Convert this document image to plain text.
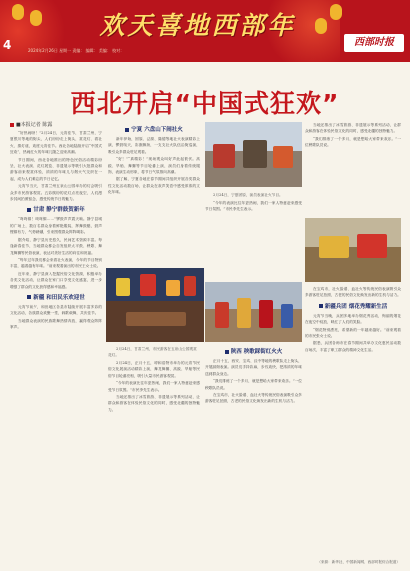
4
欢天喜地西部年
2024年2月26日 星期一 责编： 编辑： 美编： 校对：
西部时报
西北开启“中国式狂欢”
■本报记者 陈露

“好热闹呀！”2月24日，元宵佳节，甘肃兰州，宁夏银川等地的街头，人们纷纷走上街头，赏花灯、看社火、猜灯谜，欢度元宵佳节。西北各地陆续开启“中国式狂欢”，热闹红火的年味儿随之迎来高潮。

节日期间，西北各地推出的特色民俗活动精彩纷呈，社火表演、花灯展览、非遗展示等吸引大批群众和游客前来观赏体验，浓浓的年味儿与烟火气交织在一起，成为人们难忘的节日记忆。

元宵节当天，甘肃兰州五泉山公园举办的灯会吸引众多市民游客观赏。五彩缤纷的花灯点亮夜空，人们漫步其间拍照留念，感受传统节日的魅力。

甘肃 静宁群鼓贺新年

“咚咚锵！咚咚锵……”锣鼓声声震天响。静宁县城的广场上，数百名群众身着鲜艳服装，挥舞鼓槌，鼓声铿锵有力，气势磅礴，引来围观群众阵阵喝彩。

据介绍，静宁县历史悠久，民间艺术资源丰富。每逢新春佳节，当地群众都会自发组织太平鼓、秧歌、舞龙舞狮等民俗表演，表达对美好生活的向往和祝福。

“每年过年我们都会来看社火表演，今年的节目特别丰富，越看越有年味。”前来观看演出的市民王女士说。

近年来，静宁县深入挖掘民俗文化资源，积极举办各类文化活动，让群众在家门口享受文化盛宴，进一步增强了群众的文化获得感和幸福感。

新疆 和田民乐欢迎世

元宵节前夕，和田地区各县市陆续开展丰富多彩的文化活动，各族群众欢聚一堂，载歌载舞，共庆佳节。

当地群众表演的民族歌舞热情奔放，赢得观众阵阵掌声。

宁夏 六盘山下闹社火

新年伊始，固原、泾源、隆德等地社火表演精彩上演，锣鼓喧天，彩旗飘扬，一支支社火队伍沿街巡演，吸引众多群众驻足观看。

“好！”“真精彩！”现场观众叫好声此起彼伏。高跷、旱船、舞狮等节目轮番上演，演员们身着传统服饰，表演生动形象，将节日气氛推向高潮。

据了解，宁夏各地在春节期间共组织开展各类群众性文化活动数百场，让群众在欢声笑语中感受浓浓的文化年味。

2月24日，甘肃兰州，市民游客在五泉山公园观赏花灯。

2月24日，正月十五，呼和浩特市举办的元宵节民俗文化展演活动精彩上演，舞龙舞狮、高跷、旱船等民俗节目轮番亮相，吸引大量市民游客观赏。

“今年的表演比往年更热闹，我们一家人特意赶来感受节日氛围。”市民李先生表示。

当地还推出了冰雪旅游、非遗展示等系列活动，让群众和游客在体验民俗文化的同时，感受北疆的独特魅力。

2月24日，宁夏固原，演员表演社火节目。

“今年的表演比往年更热闹，我们一家人特意赶来感受节日氛围。”市民李先生表示。

陕西 秧歌踩街红火火

正月十五，西安、宝鸡、汉中等地的秧歌队走上街头，开展踩街表演。演员们手持彩扇，步伐欢快，把浓浓的年味送到群众身边。

“我们排练了一个多月，就是想给大家带来欢乐。”一位秧歌队员说。

在宝鸡市，社火脸谱、血社火等传统民俗表演吸引众多游客驻足拍照，古老的民俗文化焕发出新的生机与活力。

当地还推出了冰雪旅游、非遗展示等系列活动，让群众和游客在体验民俗文化的同时，感受北疆的独特魅力。

“我们排练了一个多月，就是想给大家带来欢乐。”一位秧歌队员说。

在宝鸡市，社火脸谱、血社火等传统民俗表演吸引众多游客驻足拍照，古老的民俗文化焕发出新的生机与活力。

新疆兵团 烟花秀耀新生活

元宵节当晚，兵团多地举办烟花秀活动，绚丽的烟花在夜空中绽放，映红了人们的笑脸。

“烟花特别漂亮，希望新的一年越来越好。”前来观看的市民张女士说。

据悉，兵团各师市在春节期间共举办文化惠民活动数百场次，丰富了职工群众的精神文化生活。

（来源：新华社、中国新闻网、西部时报综合报道）
